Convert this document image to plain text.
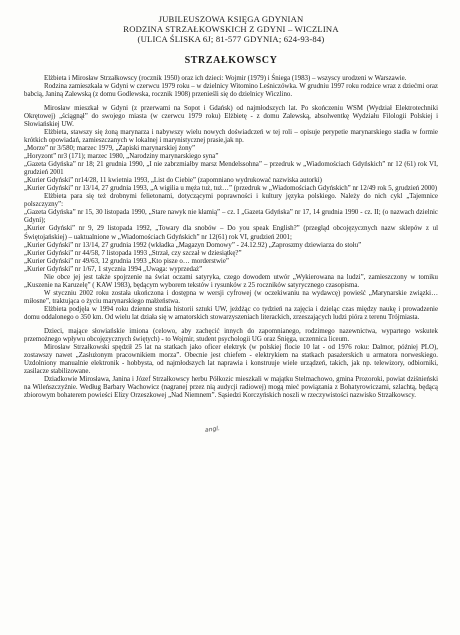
JUBILEUSZOWA KSIĘGA GDYNIAN
RODZINA STRZAŁKOWSKICH Z GDYNI – WICZLINA
(ULICA ŚLISKA 6J; 81-577 GDYNIA; 624-93-84)
STRZAŁKOWSCY

Elżbieta i Mirosław Strzałkowscy (rocznik 1950) oraz ich dzieci: Wojmir (1979) i Śniega (1983) – wszyscy urodzeni w Warszawie.

Rodzina zamieszkała w Gdyni w czerwcu 1979 roku – w dzielnicy Witomino Leśniczówka. W grudniu 1997 roku rodzice wraz z dziećmi oraz babcią, Janiną Zalewską (z domu Godlewska, rocznik 1908) przenieśli się do dzielnicy Wiczlino.

Mirosław mieszkał w Gdyni (z przerwami na Sopot i Gdańsk) od najmłodszych lat. Po skończeniu WSM (Wydział Elektrotechniki Okrętowej) „ściągnął” do swojego miasta (w czerwcu 1979 roku) Elżbietę - z domu Zalewską, absolwentkę Wydziału Filologii Polskiej i Słowiańskiej UW.

Elżbieta, stawszy się żoną marynarza i nabywszy wielu nowych doświadczeń w tej roli – opisuje perypetie marynarskiego stadła w formie krótkich opowiadań, zamieszczanych w lokalnej i marynistycznej prasie,jak np.

„Morze” nr 3/580; marzec 1979, „Zapiski marynarskiej żony”

„Horyzont” nr3 (171); marzec 1980, „Narodziny marynarskiego syna”

„Gazeta Gdyńska” nr 18; 21 grudnia 1990, „I nie zabrzmiałby marsz Mendelssohna” – przedruk w „Wiadomościach Gdyńskich” nr 12 (61) rok VI, grudzień 2001

„Kurier Gdyński” nr14/28, 11 kwietnia 1993, „List do Ciebie” (zapomniano wydrukować nazwiska autorki)

„Kurier Gdyński” nr 13/14, 27 grudnia 1993, „A wigilia u męża tuż, tuż…” (przedruk w „Wiadomościach Gdyńskich” nr 12/49 rok 5, grudzień 2000)

Elżbieta para się też drobnymi felietonami, dotyczącymi poprawności i kultury języka polskiego. Należy do nich cykl „Tajemnice polszczyzny”:

„Gazeta Gdyńska” nr 15, 30 listopada 1990, „Stare nawyk nie kłamią” – cz. I „Gazeta Gdyńska” nr 17, 14 grudnia 1990 - cz. II; (o nazwach dzielnic Gdyni);

„Kurier Gdyński” nr 9, 29 listopada 1992, „Towary dla snobów – Do you speak English?” (przegląd obcojęzycznych nazw sklepów z ul Świętojańskiej) – uaktualnione w „Wiadomościach Gdyńskich” nr 12(61) rok VI, grudzień 2001;

„Kurier Gdyński” nr 13/14, 27 grudnia 1992 (wkładka „Magazyn Domowy” - 24.12.92) „Zaproszmy dziewiarza do stołu”

„Kurier Gdyński” nr 44/58, 7 listopada 1993 „Strzał, czy szczał w dziesiątkę?”

„Kurier Gdyński” nr 49/63, 12 grudnia 1993 „Kto pisze o… morderstwie”

„Kurier Gdyński” nr 1/67, 1 stycznia 1994 „Uwaga: wyprzedaż”

Nie obce jej jest także spojrzenie na świat oczami satyryka, czego dowodem utwór „Wykierowana na ludzi”, zamieszczony w tomiku „Kuszenie na Karuzelę” ( KAW 1983), będącym wyborem tekstów i rysunków z 25 roczników satyrycznego czasopisma.

W styczniu 2002 roku została ukończona i dostępna w wersji cyfrowej (w oczekiwaniu na wydawcę) powieść „Marynarskie związki… miłosne”, traktująca o życiu marynarskiego małżeństwa.

Elżbieta podjęła w 1994 roku dzienne studia historii sztuki UW, jeżdżąc co tydzień na zajęcia i dzieląc czas między naukę i prowadzenie domu oddalonego o 350 km. Od wielu lat działa się w amatorskich stowarzyszeniach literackich, zrzeszających ludzi pióra z terenu Trójmiasta.

Dzieci, mające słowiańskie imiona (celowo, aby zachęcić innych do zapomnianego, rodzimego nazewnictwa, wypartego wskutek przemożnego wpływu obcojęzycznych świętych) - to Wojmir, student psychologii UG oraz Śnięga, uczennica liceum.

Mirosław Strzałkowski spędził 25 lat na statkach jako oficer elektryk (w polskiej flocie 10 lat - od 1976 roku: Dalmor, później PLO), zostawszy nawet „Zasłużonym pracownikiem morza”. Obecnie jest chiefem - elektrykiem na statkach pasażerskich u armatora norweskiego. Uzdolniony manualnie elektronik - hobbysta, od najmłodszych lat naprawia i konstruuje wiele urządzeń, takich, jak np. telewizory, odbiorniki, zasilacze stabilizowane.

Dziadkowie Mirosława, Janina i Józef Strzałkowscy herbu Półkozic mieszkali w majątku Stelmachowo, gmina Prozoroki, powiat dziśnieński na Wileńszczyźnie. Według Barbary Wachowicz (nagranej przez nią audycji radiowej) mogą mieć powiązania z Bohatyrowiczami, szlachtą, będącą zbiorowym bohaterem powieści Elizy Orzeszkowej „Nad Niemnem”. Sąsiedzi Korczyńskich noszli w rzeczywistości nazwisko Strzałkowscy.

angl.
